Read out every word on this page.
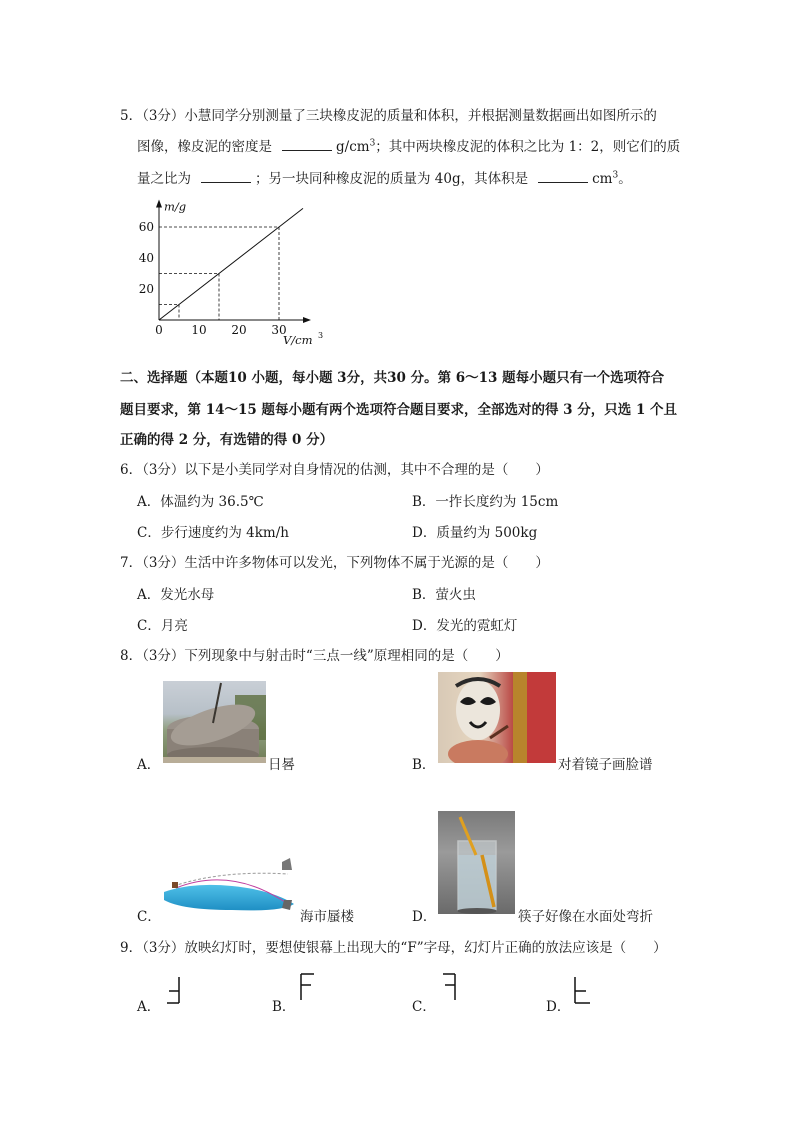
5．（3分）小慧同学分别测量了三块橡皮泥的质量和体积，并根据测量数据画出如图所示的
图像，橡皮泥的密度是	$g/cm^3$；其中两块橡皮泥的体积之比为 1：2，则它们的质
量之比为	；另一块同种橡皮泥的质量为 40g，其体积是	$cm^3$。
0 10 20 30
20
40
60
m/g
V/cm 3
二、选择题（本题10 小题，每小题 3分，共30 分。第 6～13 题每小题只有一个选项符合
题目要求，第 14～15 题每小题有两个选项符合题目要求，全部选对的得 3 分，只选 1 个且
正确的得 2 分，有选错的得 0 分）
6．（3分）以下是小美同学对自身情况的估测，其中不合理的是（　　）
A．体温约为 36.5℃	B．一拃长度约为 15cm
C．步行速度约为 4km/h	D．质量约为 500kg
7．（3分）生活中许多物体可以发光，下列物体不属于光源的是（　　）
A．发光水母	B．萤火虫
C．月亮	D．发光的霓虹灯
8．（3分）下列现象中与射击时“三点一线”原理相同的是（　　）
A．	日晷	B．	对着镜子画脸谱
C．	海市蜃楼	D．	筷子好像在水面处弯折
9．（3分）放映幻灯时，要想使银幕上出现大的“F”字母，幻灯片正确的放法应该是（　　）
A．	B．	C．	D．
